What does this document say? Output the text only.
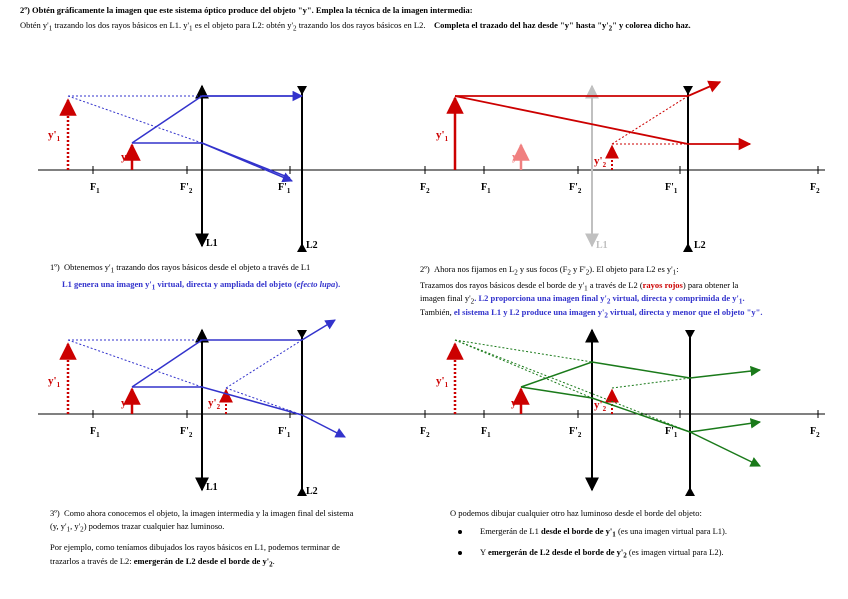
2º) Obtén gráficamente la imagen que este sistema óptico produce del objeto "y". Emplea la técnica de la imagen intermedia:
Obtén $y'_1$ trazando los dos rayos básicos en L1. $y'_1$ es el objeto para L2: obtén $y'_2$ trazando los dos rayos básicos en L2. Completa el trazado del haz desde "y" hasta "$y'_2$" y colorea dicho haz.
$F_1$	$F'_2$	$F'_1$	$F_2$	$F_1$	$F'_2$	$F'_1$	$F_2$
$F_1$	$F'_2$	$F'_1$	$F_2$	$F_1$	$F'_2$	$F'_1$	$F_2$
L1	L2	L1	L2
L1	L2
y
$y'_1$
y
$y'_1$
$y'_2$
y
$y'_1$
$y'_2$	y
$y'_1$
$y'_2$
1º) Obtenemos $y'_1$ trazando dos rayos básicos desde el objeto a través de L1
L1 genera una imagen $y'_1$ virtual, directa y ampliada del objeto (efecto lupa).
2º) Ahora nos fijamos en $L_2$ y sus focos ($F_2$ y $F'_2$). El objeto para L2 es $y'_1$:
Trazamos dos rayos básicos desde el borde de $y'_1$ a través de L2 (rayos rojos) para obtener la
imagen final $y'_2$. L2 proporciona una imagen final $y'_2$ virtual, directa y comprimida de $y'_1$.
También, el sistema L1 y L2 produce una imagen $y'_2$ virtual, directa y menor que el objeto "y".
3º) Como ahora conocemos el objeto, la imagen intermedia y la imagen final del sistema
(y, $y'_1$, $y'_2$) podemos trazar cualquier haz luminoso.
Por ejemplo, como teníamos dibujados los rayos básicos en L1, podemos terminar de
trazarlos a través de L2: emergerán de L2 desde el borde de $y'_2$.
O podemos dibujar cualquier otro haz luminoso desde el borde del objeto:
Emergerán de L1 desde el borde de $y'_1$ (es una imagen virtual para L1).
Y emergerán de L2 desde el borde de $y'_2$ (es imagen virtual para L2).
